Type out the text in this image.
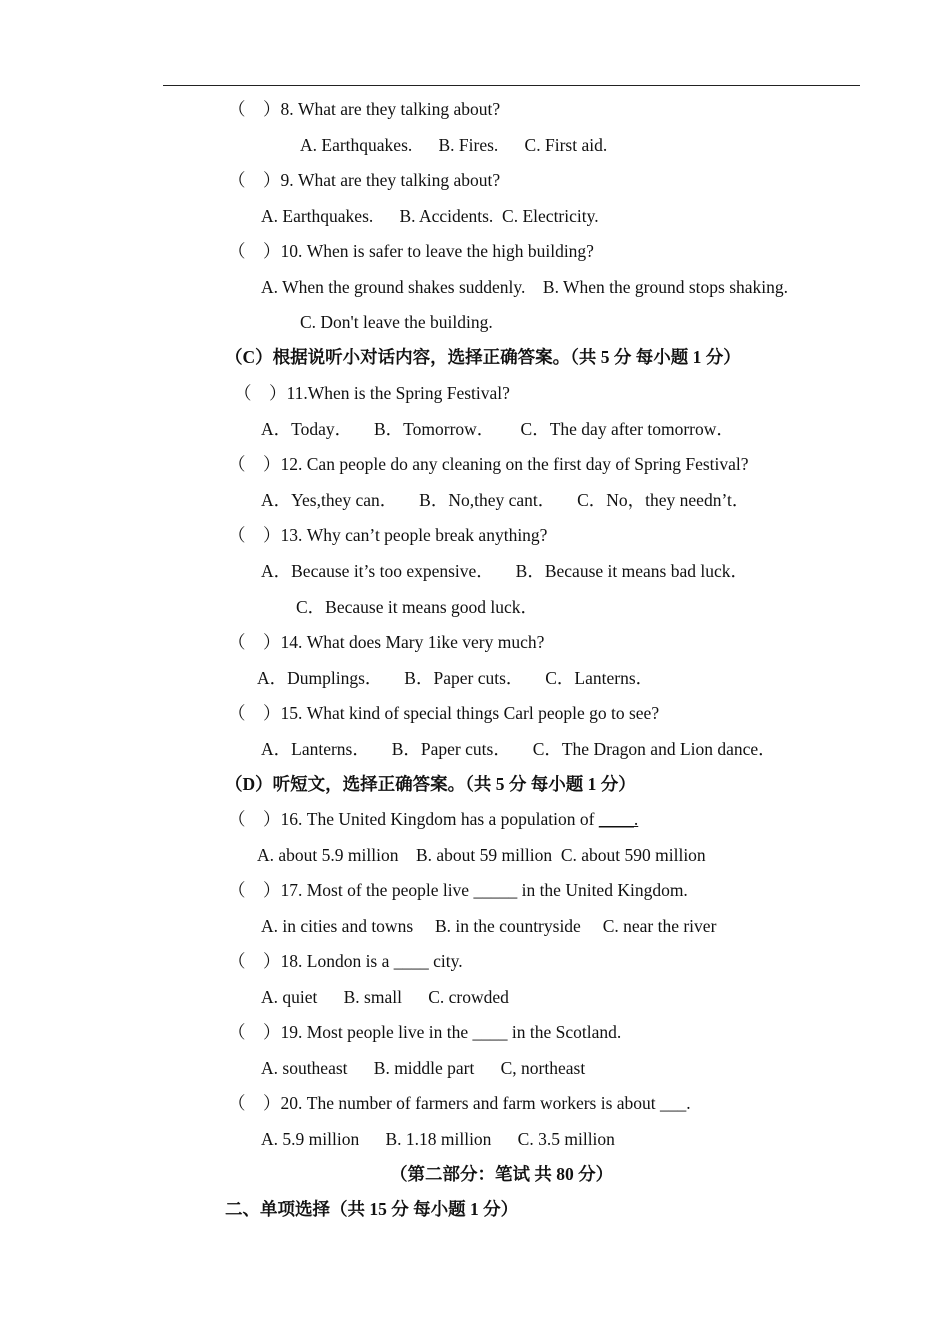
（    ）8. What are they talking about?
A. Earthquakes.      B. Fires.      C. First aid.
（    ）9. What are they talking about?
A. Earthquakes.      B. Accidents.  C. Electricity.
（    ）10. When is safer to leave the high building?
A. When the ground shakes suddenly.    B. When the ground stops shaking.
C. Don't leave the building.
（C）根据说听小对话内容，选择正确答案。（共 5 分 每小题 1 分）
（    ）11.When is the Spring Festival?
A．Today．     B．Tomorrow．      C．The day after tomorrow．
（    ）12. Can people do any cleaning on the first day of Spring Festival?
A．Yes,they can．     B．No,they cant．     C．No，they needn’t．
（    ）13. Why can’t people break anything?
A．Because it’s too expensive．     B．Because it means bad luck．
C．Because it means good luck．
（    ）14. What does Mary 1ike very much?
A．Dumplings．     B．Paper cuts．     C．Lanterns．
（    ）15. What kind of special things Carl people go to see?
A．Lanterns．     B．Paper cuts．     C．The Dragon and Lion dance．
（D）听短文，选择正确答案。（共 5 分 每小题 1 分）
（    ）16. The United Kingdom has a population of ____.
A. about 5.9 million    B. about 59 million  C. about 590 million
（    ）17. Most of the people live _____ in the United Kingdom.
A. in cities and towns     B. in the countryside     C. near the river
（    ）18. London is a ____ city.
A. quiet      B. small      C. crowded
（    ）19. Most people live in the ____ in the Scotland.
A. southeast      B. middle part      C, northeast
（    ）20. The number of farmers and farm workers is about ___.
A. 5.9 million      B. 1.18 million      C. 3.5 million
（第二部分：笔试 共 80 分）
二、单项选择（共 15 分 每小题 1 分）
